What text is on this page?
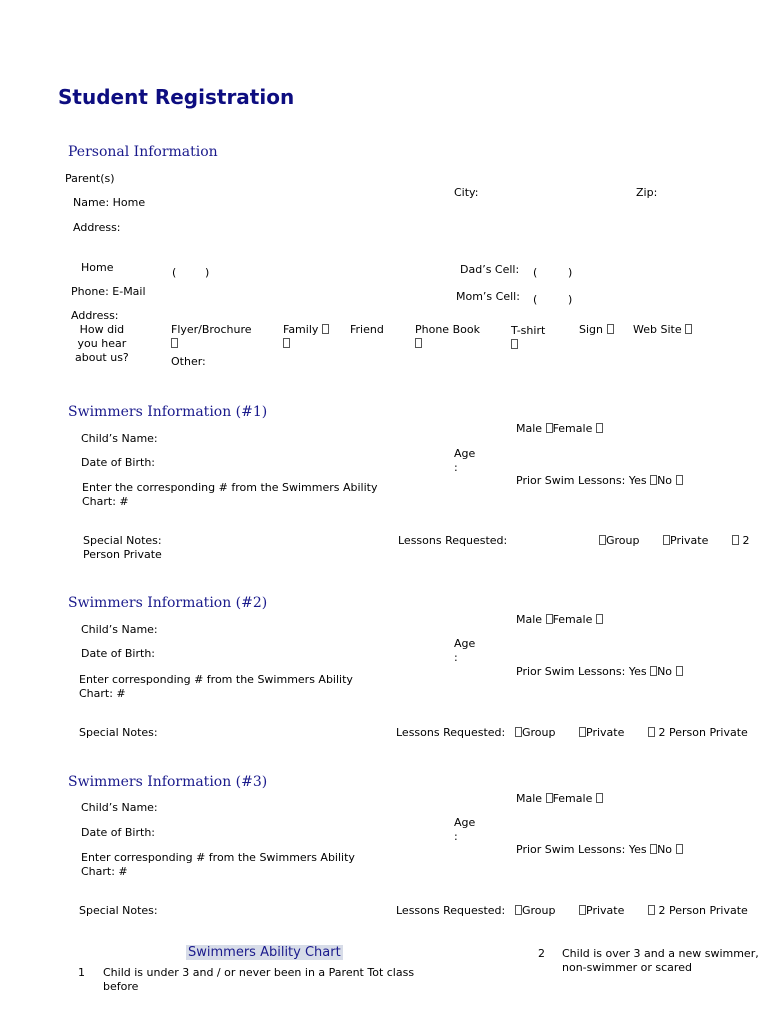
Student Registration
Personal Information
Parent(s)
Name: Home
Address:
City:	Zip:
Home	(	)
Phone: E-Mail
Address:
Dad’s Cell: (	)
Mom’s Cell: (	)
How did
you hear
about us?
Flyer/Brochure	Family	Friend	Phone Book	T-shirt	Sign	Web Site
Other:
Swimmers Information (#1)
Male Female
Child’s Name:
Age
:
Date of Birth:
Prior Swim Lessons: Yes No
Enter the corresponding # from the Swimmers Ability
Chart: #
Special Notes:
Person Private
Lessons Requested:	Group	Private	2
Swimmers Information (#2)
Male Female
Child’s Name:
Age
:
Date of Birth:
Prior Swim Lessons: Yes No
Enter corresponding # from the Swimmers Ability
Chart: #
Special Notes:	Lessons Requested:	Group	Private	2 Person Private
Swimmers Information (#3)
Male Female
Child’s Name:
Age
:
Date of Birth:
Prior Swim Lessons: Yes No
Enter corresponding # from the Swimmers Ability
Chart: #
Special Notes:	Lessons Requested:	Group	Private	2 Person Private
Swimmers Ability Chart
1 Child is under 3 and / or never been in a Parent Tot class before
2 Child is over 3 and a new swimmer, non-swimmer or scared
